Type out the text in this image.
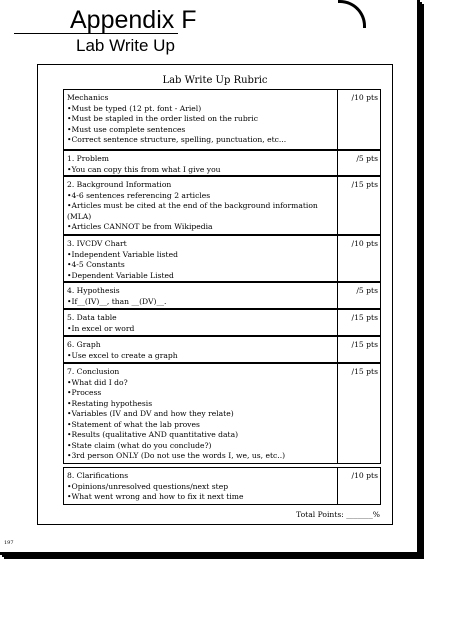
Appendix F
Lab Write Up
Lab Write Up Rubric
Mechanics
•Must be typed (12 pt. font - Ariel)
•Must be stapled in the order listed on the rubric
•Must use complete sentences
•Correct sentence structure, spelling, punctuation, etc...
/10 pts
1. Problem
•You can copy this from what I give you
/5 pts
2. Background Information
•4-6 sentences referencing 2 articles
•Articles must be cited at the end of the background information
(MLA)
•Articles CANNOT be from Wikipedia
/15 pts
3. IVCDV Chart
•Independent Variable listed
•4-5 Constants
•Dependent Variable Listed
/10 pts
4. Hypothesis
•If__(IV)__, than __(DV)__.
/5 pts
5. Data table
•In excel or word
/15 pts
6. Graph
•Use excel to create a graph
/15 pts
7. Conclusion
•What did I do?
•Process
•Restating hypothesis
•Variables (IV and DV and how they relate)
•Statement of what the lab proves
•Results (qualitative AND quantitative data)
•State claim (what do you conclude?)
•3rd person ONLY (Do not use the words I, we, us, etc..)
/15 pts
8. Clarifications
•Opinions/unresolved questions/next step
•What went wrong and how to fix it next time
/10 pts
Total Points: _______%
197
